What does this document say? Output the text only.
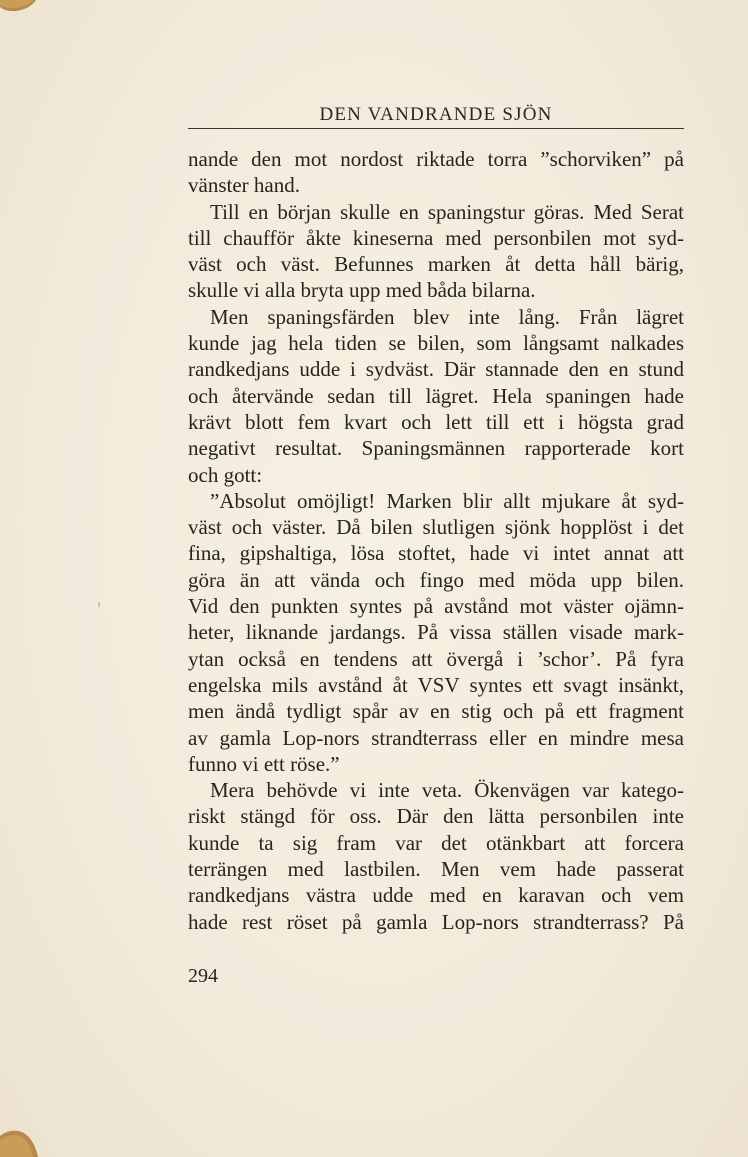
DEN VANDRANDE SJÖN
nande den mot nordost riktade torra ”schorviken” på
vänster hand.
Till en början skulle en spaningstur göras. Med Serat
till chaufför åkte kineserna med personbilen mot syd-
väst och väst. Befunnes marken åt detta håll bärig,
skulle vi alla bryta upp med båda bilarna.
Men spaningsfärden blev inte lång. Från lägret
kunde jag hela tiden se bilen, som långsamt nalkades
randkedjans udde i sydväst. Där stannade den en stund
och återvände sedan till lägret. Hela spaningen hade
krävt blott fem kvart och lett till ett i högsta grad
negativt resultat. Spaningsmännen rapporterade kort
och gott:
”Absolut omöjligt! Marken blir allt mjukare åt syd-
väst och väster. Då bilen slutligen sjönk hopplöst i det
fina, gipshaltiga, lösa stoftet, hade vi intet annat att
göra än att vända och fingo med möda upp bilen.
Vid den punkten syntes på avstånd mot väster ojämn-
heter, liknande jardangs. På vissa ställen visade mark-
ytan också en tendens att övergå i ’schor’. På fyra
engelska mils avstånd åt VSV syntes ett svagt insänkt,
men ändå tydligt spår av en stig och på ett fragment
av gamla Lop-nors strandterrass eller en mindre mesa
funno vi ett röse.”
Mera behövde vi inte veta. Ökenvägen var katego-
riskt stängd för oss. Där den lätta personbilen inte
kunde ta sig fram var det otänkbart att forcera
terrängen med lastbilen. Men vem hade passerat
randkedjans västra udde med en karavan och vem
hade rest röset på gamla Lop-nors strandterrass? På
294
